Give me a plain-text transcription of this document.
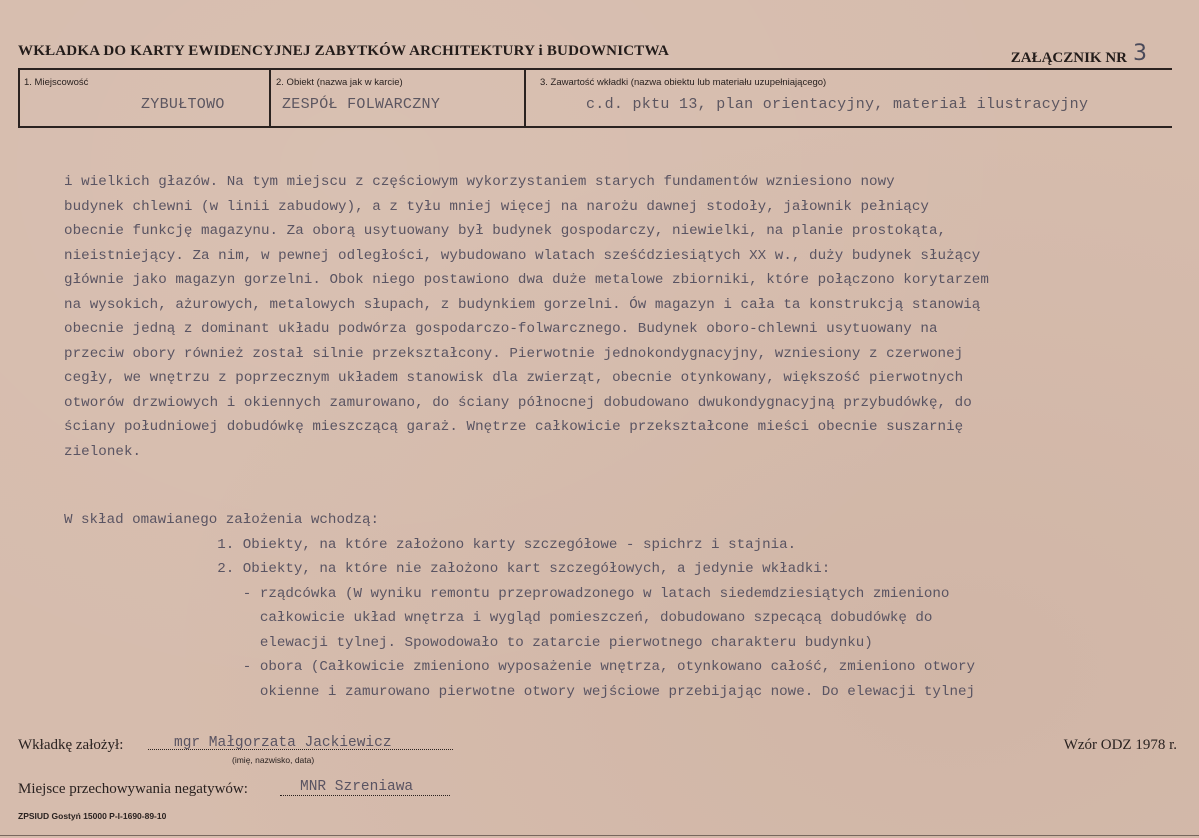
WKŁADKA DO KARTY EWIDENCYJNEJ ZABYTKÓW ARCHITEKTURY i BUDOWNICTWA	ZAŁĄCZNIK NR 3
1. Miejscowość
ZYBUŁTOWO
2. Obiekt (nazwa jak w karcie)
ZESPÓŁ FOLWARCZNY
3. Zawartość wkładki (nazwa obiektu lub materiału uzupełniającego)
c.d. pktu 13, plan orientacyjny, materiał ilustracyjny
i wielkich głazów. Na tym miejscu z częściowym wykorzystaniem starych fundamentów wzniesiono nowy
budynek chlewni (w linii zabudowy), a z tyłu mniej więcej na narożu dawnej stodoły, jałownik pełniący
obecnie funkcję magazynu. Za oborą usytuowany był budynek gospodarczy, niewielki, na planie prostokąta,
nieistniejący. Za nim, w pewnej odległości, wybudowano wlatach sześćdziesiątych XX w., duży budynek służący
głównie jako magazyn gorzelni. Obok niego postawiono dwa duże metalowe zbiorniki, które połączono korytarzem
na wysokich, ażurowych, metalowych słupach, z budynkiem gorzelni. Ów magazyn i cała ta konstrukcją stanowią
obecnie jedną z dominant układu podwórza gospodarczo-folwarcznego. Budynek oboro-chlewni usytuowany na
przeciw obory również został silnie przekształcony. Pierwotnie jednokondygnacyjny, wzniesiony z czerwonej
cegły, we wnętrzu z poprzecznym układem stanowisk dla zwierząt, obecnie otynkowany, większość pierwotnych
otworów drzwiowych i okiennych zamurowano, do ściany północnej dobudowano dwukondygnacyjną przybudówkę, do
ściany południowej dobudówkę mieszczącą garaż. Wnętrze całkowicie przekształcone mieści obecnie suszarnię
zielonek.
W skład omawianego założenia wchodzą:
1. Obiekty, na które założono karty szczegółowe - spichrz i stajnia.
2. Obiekty, na które nie założono kart szczegółowych, a jedynie wkładki:
- rządcówka (W wyniku remontu przeprowadzonego w latach siedemdziesiątych zmieniono
całkowicie układ wnętrza i wygląd pomieszczeń, dobudowano szpecącą dobudówkę do
elewacji tylnej. Spowodowało to zatarcie pierwotnego charakteru budynku)
- obora (Całkowicie zmieniono wyposażenie wnętrza, otynkowano całość, zmieniono otwory
okienne i zamurowano pierwotne otwory wejściowe przebijając nowe. Do elewacji tylnej
Wkładkę założył:	mgr Małgorzata Jackiewicz
(imię, nazwisko, data)
Wzór ODZ 1978 r.
Miejsce przechowywania negatywów:	MNR Szreniawa
ZPSIUD Gostyń 15000 P-I-1690-89-10
